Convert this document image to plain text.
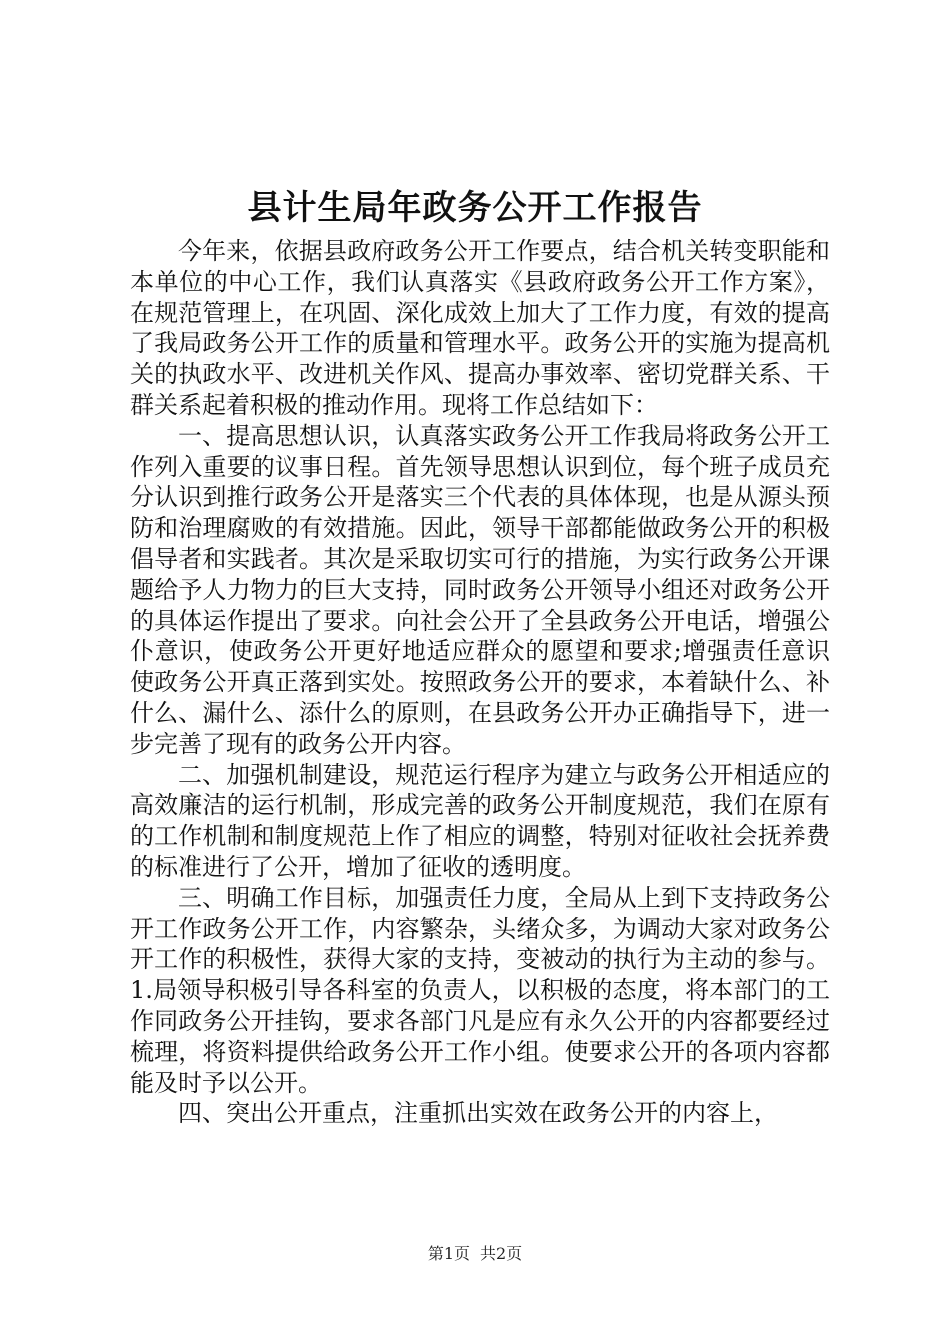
县计生局年政务公开工作报告

今年来，依据县政府政务公开工作要点，结合机关转变职能和本单位的中心工作，我们认真落实《县政府政务公开工作方案》，在规范管理上，在巩固、深化成效上加大了工作力度，有效的提高了我局政务公开工作的质量和管理水平。政务公开的实施为提高机关的执政水平、改进机关作风、提高办事效率、密切党群关系、干群关系起着积极的推动作用。现将工作总结如下：

一、提高思想认识，认真落实政务公开工作我局将政务公开工作列入重要的议事日程。首先领导思想认识到位，每个班子成员充分认识到推行政务公开是落实三个代表的具体体现，也是从源头预防和治理腐败的有效措施。因此，领导干部都能做政务公开的积极倡导者和实践者。其次是采取切实可行的措施，为实行政务公开课题给予人力物力的巨大支持，同时政务公开领导小组还对政务公开的具体运作提出了要求。向社会公开了全县政务公开电话，增强公仆意识，使政务公开更好地适应群众的愿望和要求;增强责任意识使政务公开真正落到实处。按照政务公开的要求，本着缺什么、补什么、漏什么、添什么的原则，在县政务公开办正确指导下，进一步完善了现有的政务公开内容。

二、加强机制建设，规范运行程序为建立与政务公开相适应的高效廉洁的运行机制，形成完善的政务公开制度规范，我们在原有的工作机制和制度规范上作了相应的调整，特别对征收社会抚养费的标准进行了公开，增加了征收的透明度。

三、明确工作目标，加强责任力度，全局从上到下支持政务公开工作政务公开工作，内容繁杂，头绪众多，为调动大家对政务公开工作的积极性，获得大家的支持，变被动的执行为主动的参与。 1.局领导积极引导各科室的负责人，以积极的态度，将本部门的工作同政务公开挂钩，要求各部门凡是应有永久公开的内容都要经过梳理，将资料提供给政务公开工作小组。使要求公开的各项内容都能及时予以公开。

四、突出公开重点，注重抓出实效在政务公开的内容上，

第1页 共2页
